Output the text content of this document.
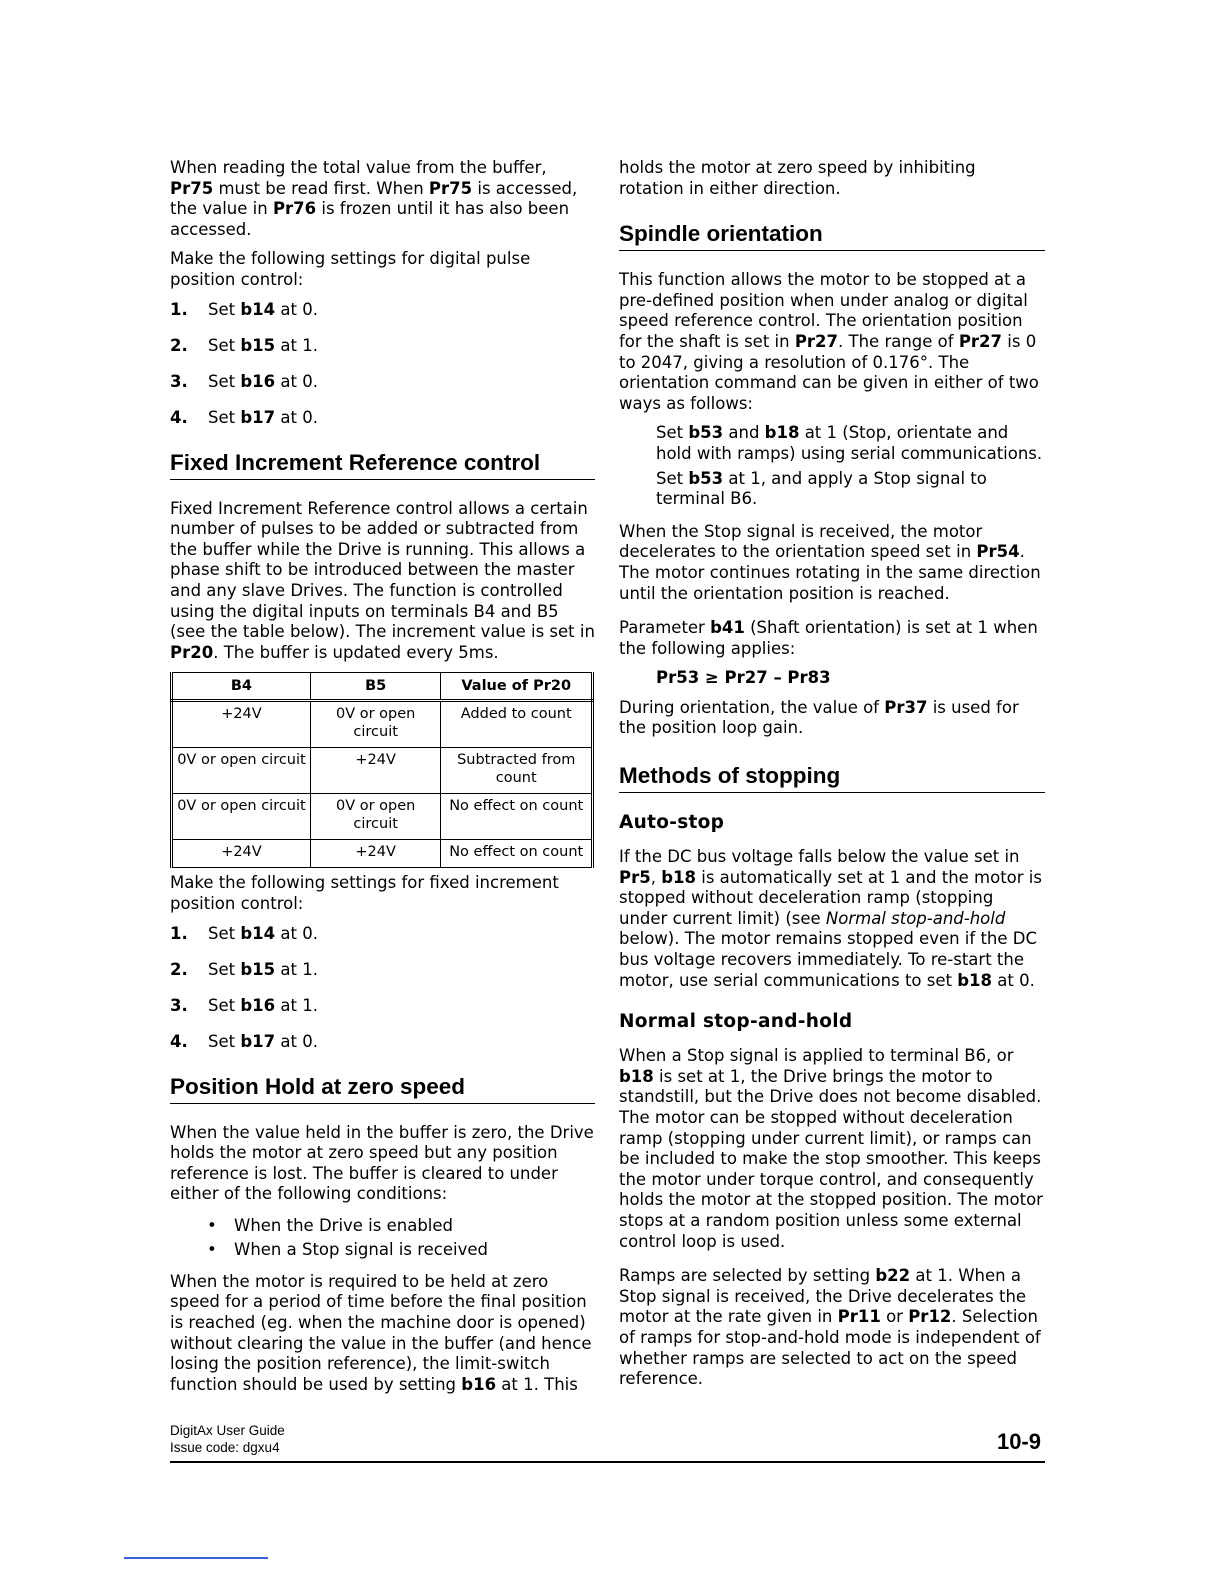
When reading the total value from the buffer, Pr75 must be read first. When Pr75 is accessed, the value in Pr76 is frozen until it has also been accessed.

Make the following settings for digital pulse position control:

1.	Set b14 at 0.
2.	Set b15 at 1.
3.	Set b16 at 0.
4.	Set b17 at 0.
Fixed Increment Reference control

Fixed Increment Reference control allows a certain number of pulses to be added or subtracted from the buffer while the Drive is running. This allows a phase shift to be introduced between the master and any slave Drives. The function is controlled using the digital inputs on terminals B4 and B5 (see the table below). The increment value is set in Pr20. The buffer is updated every 5ms.

B4	B5	Value of Pr20
+24V	0V or open circuit	Added to count
0V or open circuit	+24V	Subtracted from count
0V or open circuit	0V or open circuit	No effect on count
+24V	+24V	No effect on count

Make the following settings for fixed increment position control:

1.	Set b14 at 0.
2.	Set b15 at 1.
3.	Set b16 at 1.
4.	Set b17 at 0.
Position Hold at zero speed

When the value held in the buffer is zero, the Drive holds the motor at zero speed but any position reference is lost. The buffer is cleared to under either of the following conditions:

• When the Drive is enabled
• When a Stop signal is received

When the motor is required to be held at zero speed for a period of time before the final position is reached (eg. when the machine door is opened) without clearing the value in the buffer (and hence losing the position reference), the limit-switch function should be used by setting b16 at 1. This

holds the motor at zero speed by inhibiting rotation in either direction.

Spindle orientation

This function allows the motor to be stopped at a pre-defined position when under analog or digital speed reference control. The orientation position for the shaft is set in Pr27. The range of Pr27 is 0 to 2047, giving a resolution of 0.176°. The orientation command can be given in either of two ways as follows:

Set b53 and b18 at 1 (Stop, orientate and hold with ramps) using serial communications.

Set b53 at 1, and apply a Stop signal to terminal B6.

When the Stop signal is received, the motor decelerates to the orientation speed set in Pr54. The motor continues rotating in the same direction until the orientation position is reached.

Parameter b41 (Shaft orientation) is set at 1 when the following applies:

Pr53 ≥ Pr27 – Pr83

During orientation, the value of Pr37 is used for the position loop gain.

Methods of stopping
Auto-stop

If the DC bus voltage falls below the value set in Pr5, b18 is automatically set at 1 and the motor is stopped without deceleration ramp (stopping under current limit) (see Normal stop-and-hold below). The motor remains stopped even if the DC bus voltage recovers immediately. To re-start the motor, use serial communications to set b18 at 0.

Normal stop-and-hold

When a Stop signal is applied to terminal B6, or b18 is set at 1, the Drive brings the motor to standstill, but the Drive does not become disabled. The motor can be stopped without deceleration ramp (stopping under current limit), or ramps can be included to make the stop smoother. This keeps the motor under torque control, and consequently holds the motor at the stopped position. The motor stops at a random position unless some external control loop is used.

Ramps are selected by setting b22 at 1. When a Stop signal is received, the Drive decelerates the motor at the rate given in Pr11 or Pr12. Selection of ramps for stop-and-hold mode is independent of whether ramps are selected to act on the speed reference.

DigitAx User Guide
Issue code: dgxu4	10-9
